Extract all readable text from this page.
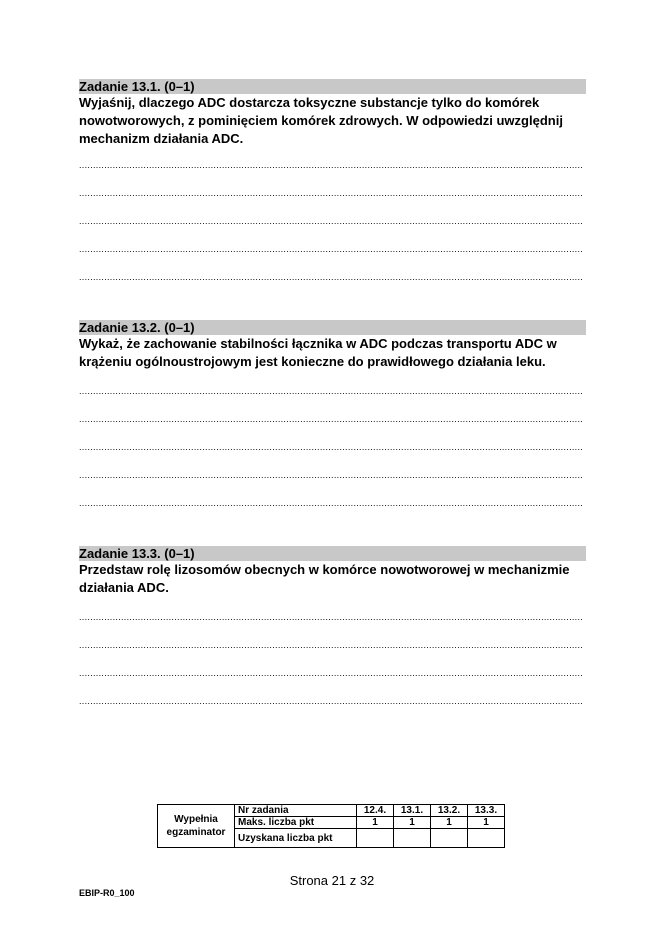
Zadanie 13.1. (0–1)
Wyjaśnij, dlaczego ADC dostarcza toksyczne substancje tylko do komórek nowotworowych, z pominięciem komórek zdrowych. W odpowiedzi uwzględnij mechanizm działania ADC.
.....
.....
.....
.....
.....
Zadanie 13.2. (0–1)
Wykaż, że zachowanie stabilności łącznika w ADC podczas transportu ADC w krążeniu ogólnoustrojowym jest konieczne do prawidłowego działania leku.
.....
.....
.....
.....
.....
Zadanie 13.3. (0–1)
Przedstaw rolę lizosomów obecnych w komórce nowotworowej w mechanizmie działania ADC.
.....
.....
.....
.....
Wypełnia egzaminator	Nr zadania	12.4.	13.1.	13.2.	13.3.
	Maks. liczba pkt	1	1	1	1
	Uzyskana liczba pkt				
Strona 21 z 32
EBIP-R0_100
